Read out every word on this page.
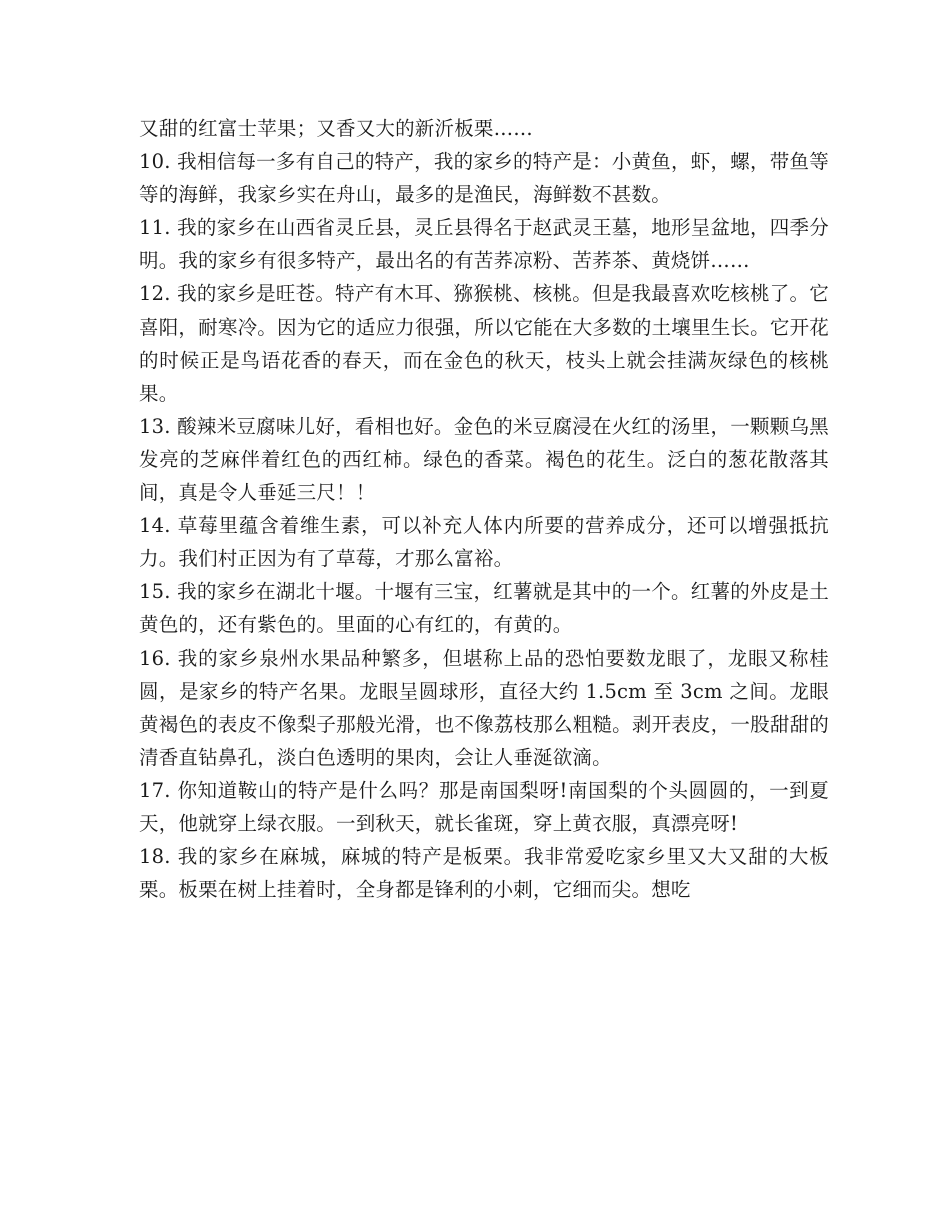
又甜的红富士苹果；又香又大的新沂板栗……

10. 我相信每一多有自己的特产，我的家乡的特产是：小黄鱼，虾，螺，带鱼等等的海鲜，我家乡实在舟山，最多的是渔民，海鲜数不甚数。

11. 我的家乡在山西省灵丘县，灵丘县得名于赵武灵王墓，地形呈盆地，四季分明。我的家乡有很多特产，最出名的有苦荞凉粉、苦荞茶、黄烧饼……

12. 我的家乡是旺苍。特产有木耳、猕猴桃、核桃。但是我最喜欢吃核桃了。它喜阳，耐寒冷。因为它的适应力很强，所以它能在大多数的土壤里生长。它开花的时候正是鸟语花香的春天，而在金色的秋天，枝头上就会挂满灰绿色的核桃果。

13. 酸辣米豆腐味儿好，看相也好。金色的米豆腐浸在火红的汤里，一颗颗乌黑发亮的芝麻伴着红色的西红柿。绿色的香菜。褐色的花生。泛白的葱花散落其间，真是令人垂延三尺！！

14. 草莓里蕴含着维生素，可以补充人体内所要的营养成分，还可以增强抵抗力。我们村正因为有了草莓，才那么富裕。

15. 我的家乡在湖北十堰。十堰有三宝，红薯就是其中的一个。红薯的外皮是土黄色的，还有紫色的。里面的心有红的，有黄的。

16. 我的家乡泉州水果品种繁多，但堪称上品的恐怕要数龙眼了，龙眼又称桂圆，是家乡的特产名果。龙眼呈圆球形，直径大约 1.5cm 至 3cm 之间。龙眼黄褐色的表皮不像梨子那般光滑，也不像荔枝那么粗糙。剥开表皮，一股甜甜的清香直钻鼻孔，淡白色透明的果肉，会让人垂涎欲滴。

17. 你知道鞍山的特产是什么吗？那是南国梨呀!南国梨的个头圆圆的，一到夏天，他就穿上绿衣服。一到秋天，就长雀斑，穿上黄衣服，真漂亮呀!

18. 我的家乡在麻城，麻城的特产是板栗。我非常爱吃家乡里又大又甜的大板栗。板栗在树上挂着时，全身都是锋利的小刺，它细而尖。想吃
